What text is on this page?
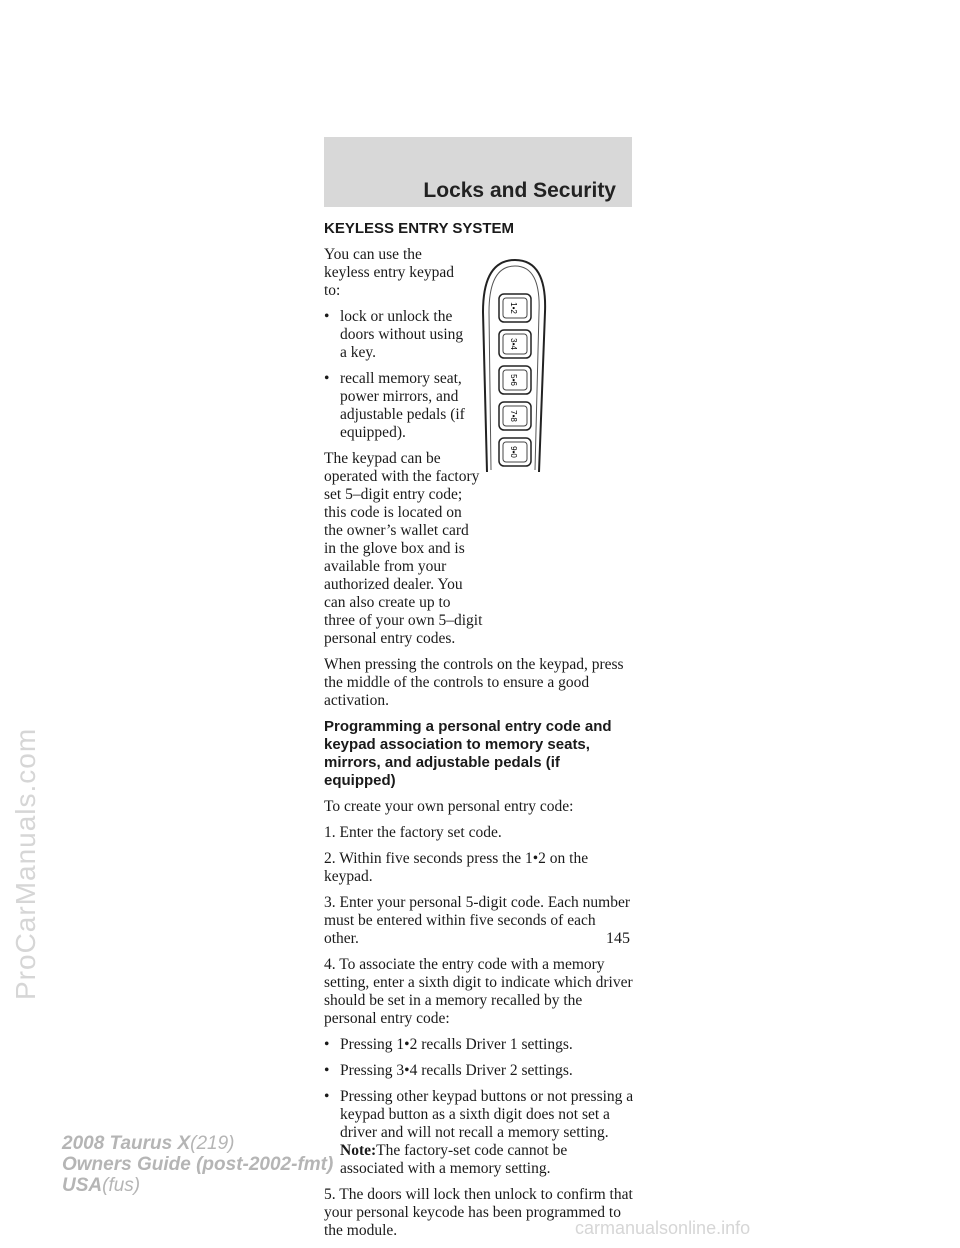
Locks and Security
1•2
3•4
5•6
7•8
9•0
KEYLESS ENTRY SYSTEM

You can use the keyless entry keypad to:

• lock or unlock the doors without using a key.
• recall memory seat, power mirrors, and adjustable pedals (if equipped).

The keypad can be operated with the factory set 5–digit entry code; this code is located on the owner’s wallet card in the glove box and is available from your authorized dealer. You can also create up to three of your own 5–digit personal entry codes.

When pressing the controls on the keypad, press the middle of the controls to ensure a good activation.

Programming a personal entry code and keypad association to memory seats, mirrors, and adjustable pedals (if equipped)

To create your own personal entry code:

1. Enter the factory set code.

2. Within five seconds press the 1•2 on the keypad.

3. Enter your personal 5-digit code. Each number must be entered within five seconds of each other.

4. To associate the entry code with a memory setting, enter a sixth digit to indicate which driver should be set in a memory recalled by the personal entry code:

• Pressing 1•2 recalls Driver 1 settings.
• Pressing 3•4 recalls Driver 2 settings.
• Pressing other keypad buttons or not pressing a keypad button as a sixth digit does not set a driver and will not recall a memory setting.
Note:The factory-set code cannot be associated with a memory setting.

5. The doors will lock then unlock to confirm that your personal keycode has been programmed to the module.

145
2008 Taurus X(219)
Owners Guide (post-2002-fmt)
USA(fus)
ProCarManuals.com
carmanualsonline.info
